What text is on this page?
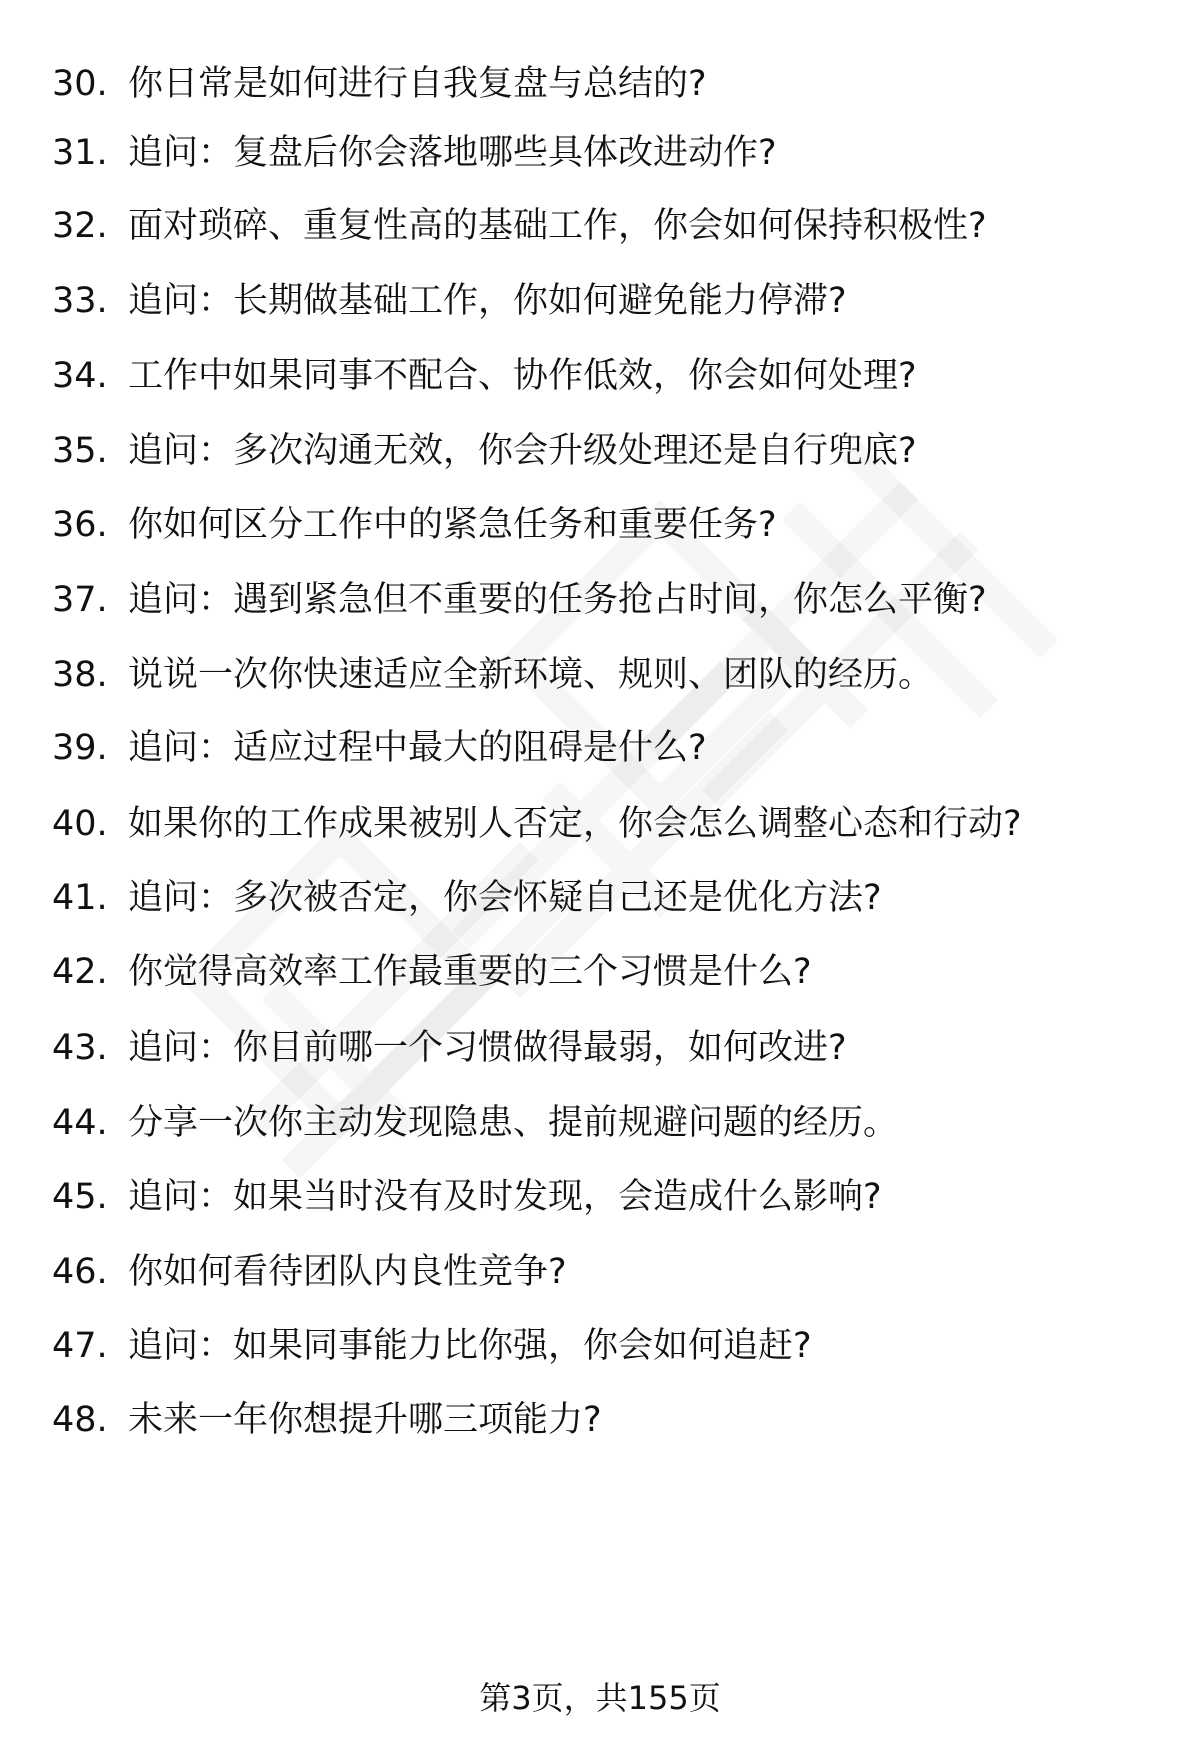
30. 你日常是如何进行自我复盘与总结的?
31. 追问：复盘后你会落地哪些具体改进动作?
32. 面对琐碎、重复性高的基础工作，你会如何保持积极性?
33. 追问：长期做基础工作，你如何避免能力停滞?
34. 工作中如果同事不配合、协作低效，你会如何处理?
35. 追问：多次沟通无效，你会升级处理还是自行兜底?
36. 你如何区分工作中的紧急任务和重要任务?
37. 追问：遇到紧急但不重要的任务抢占时间，你怎么平衡?
38. 说说一次你快速适应全新环境、规则、团队的经历。
39. 追问：适应过程中最大的阻碍是什么?
40. 如果你的工作成果被别人否定，你会怎么调整心态和行动?
41. 追问：多次被否定，你会怀疑自己还是优化方法?
42. 你觉得高效率工作最重要的三个习惯是什么?
43. 追问：你目前哪一个习惯做得最弱，如何改进?
44. 分享一次你主动发现隐患、提前规避问题的经历。
45. 追问：如果当时没有及时发现，会造成什么影响?
46. 你如何看待团队内良性竞争?
47. 追问：如果同事能力比你强，你会如何追赶?
48. 未来一年你想提升哪三项能力?
第3页，共155页
